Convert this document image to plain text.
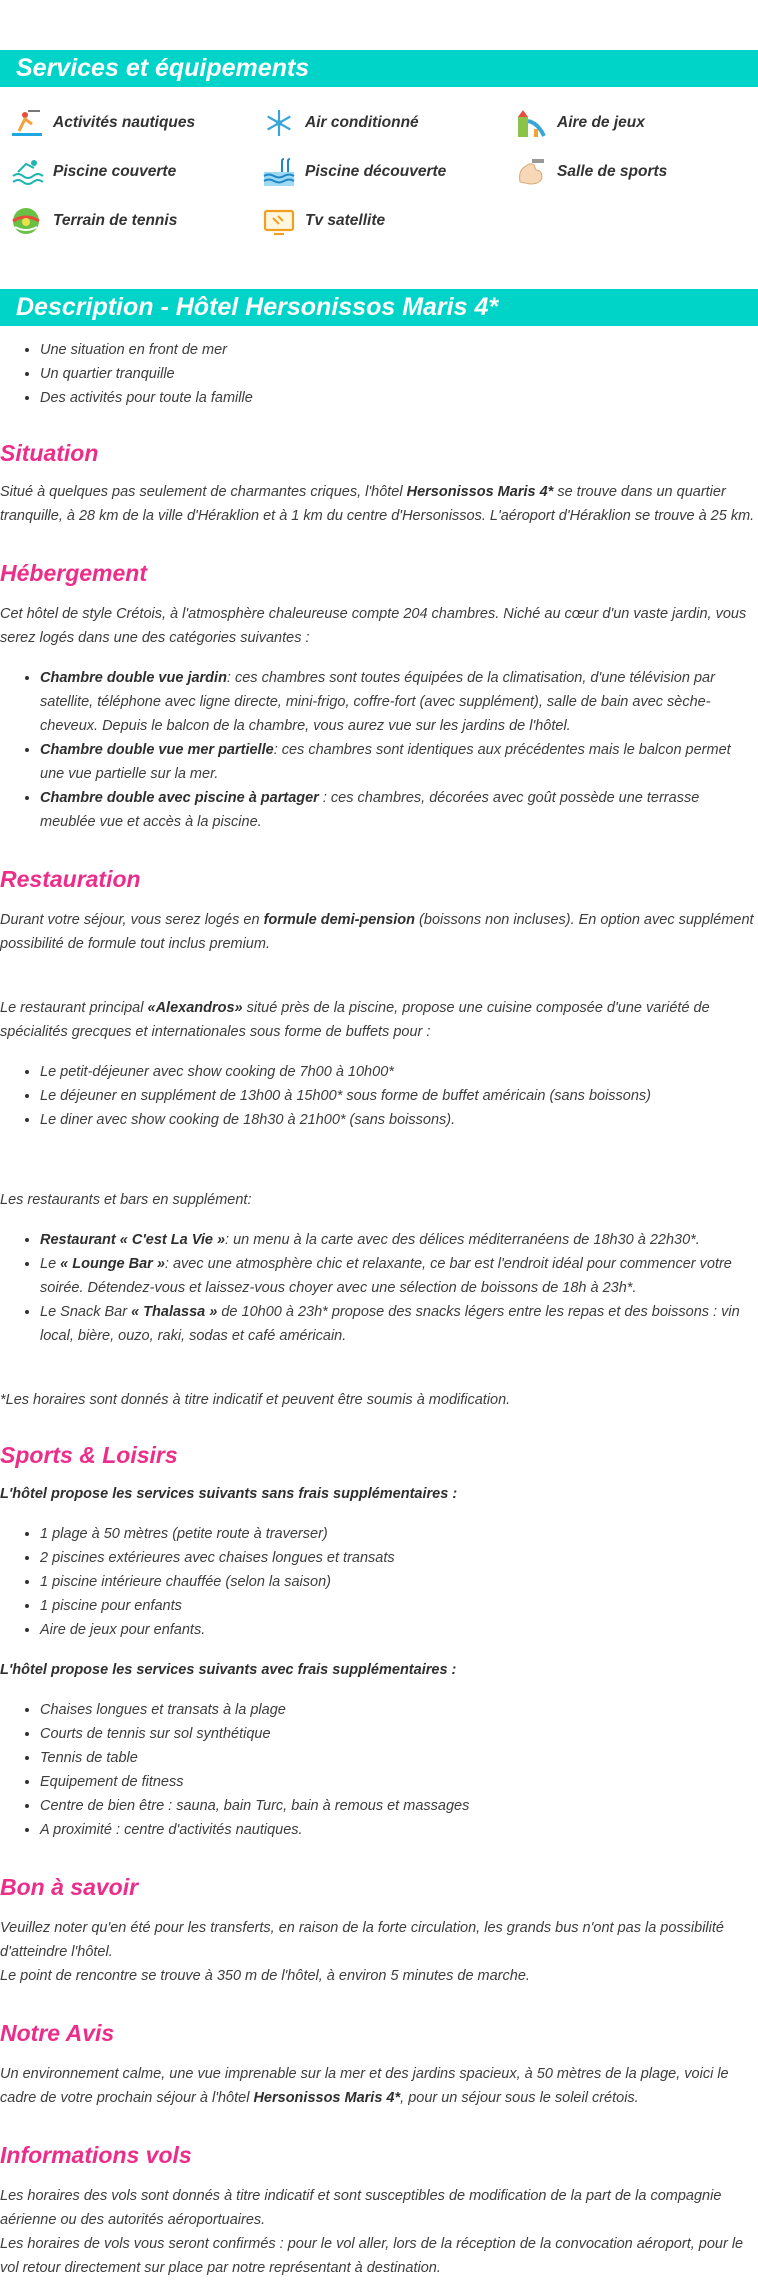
Services et équipements
Activités nautiques	Air conditionné	Aire de jeux
Piscine couverte	Piscine découverte	Salle de sports
Terrain de tennis	Tv satellite
Description - Hôtel Hersonissos Maris 4*
• Une situation en front de mer
• Un quartier tranquille
• Des activités pour toute la famille
Situation

Situé à quelques pas seulement de charmantes criques, l'hôtel Hersonissos Maris 4* se trouve dans un quartier tranquille, à 28 km de la ville d'Héraklion et à 1 km du centre d'Hersonissos. L'aéroport d'Héraklion se trouve à 25 km.

Hébergement

Cet hôtel de style Crétois, à l'atmosphère chaleureuse compte 204 chambres. Niché au cœur d'un vaste jardin, vous serez logés dans une des catégories suivantes :

• Chambre double vue jardin: ces chambres sont toutes équipées de la climatisation, d'une télévision par satellite, téléphone avec ligne directe, mini-frigo, coffre-fort (avec supplément), salle de bain avec sèche-cheveux. Depuis le balcon de la chambre, vous aurez vue sur les jardins de l'hôtel.
• Chambre double vue mer partielle: ces chambres sont identiques aux précédentes mais le balcon permet une vue partielle sur la mer.
• Chambre double avec piscine à partager : ces chambres, décorées avec goût possède une terrasse meublée vue et accès à la piscine.
Restauration

Durant votre séjour, vous serez logés en formule demi-pension (boissons non incluses). En option avec supplément possibilité de formule tout inclus premium.

Le restaurant principal «Alexandros» situé près de la piscine, propose une cuisine composée d'une variété de spécialités grecques et internationales sous forme de buffets pour :

• Le petit-déjeuner avec show cooking de 7h00 à 10h00*
• Le déjeuner en supplément de 13h00 à 15h00* sous forme de buffet américain (sans boissons)
• Le diner avec show cooking de 18h30 à 21h00* (sans boissons).

Les restaurants et bars en supplément:

• Restaurant « C'est La Vie »: un menu à la carte avec des délices méditerranéens de 18h30 à 22h30*.
• Le « Lounge Bar »: avec une atmosphère chic et relaxante, ce bar est l'endroit idéal pour commencer votre soirée. Détendez-vous et laissez-vous choyer avec une sélection de boissons de 18h à 23h*.
• Le Snack Bar « Thalassa » de 10h00 à 23h* propose des snacks légers entre les repas et des boissons : vin local, bière, ouzo, raki, sodas et café américain.

*Les horaires sont donnés à titre indicatif et peuvent être soumis à modification.

Sports & Loisirs

L'hôtel propose les services suivants sans frais supplémentaires :

• 1 plage à 50 mètres (petite route à traverser)
• 2 piscines extérieures avec chaises longues et transats
• 1 piscine intérieure chauffée (selon la saison)
• 1 piscine pour enfants
• Aire de jeux pour enfants.

L'hôtel propose les services suivants avec frais supplémentaires :

• Chaises longues et transats à la plage
• Courts de tennis sur sol synthétique
• Tennis de table
• Equipement de fitness
• Centre de bien être : sauna, bain Turc, bain à remous et massages
• A proximité : centre d'activités nautiques.
Bon à savoir

Veuillez noter qu'en été pour les transferts, en raison de la forte circulation, les grands bus n'ont pas la possibilité d'atteindre l'hôtel.

Le point de rencontre se trouve à 350 m de l'hôtel, à environ 5 minutes de marche.

Notre Avis

Un environnement calme, une vue imprenable sur la mer et des jardins spacieux, à 50 mètres de la plage, voici le cadre de votre prochain séjour à l'hôtel Hersonissos Maris 4*, pour un séjour sous le soleil crétois.

Informations vols

Les horaires des vols sont donnés à titre indicatif et sont susceptibles de modification de la part de la compagnie aérienne ou des autorités aéroportuaires.

Les horaires de vols vous seront confirmés : pour le vol aller, lors de la réception de la convocation aéroport, pour le vol retour directement sur place par notre représentant à destination.
